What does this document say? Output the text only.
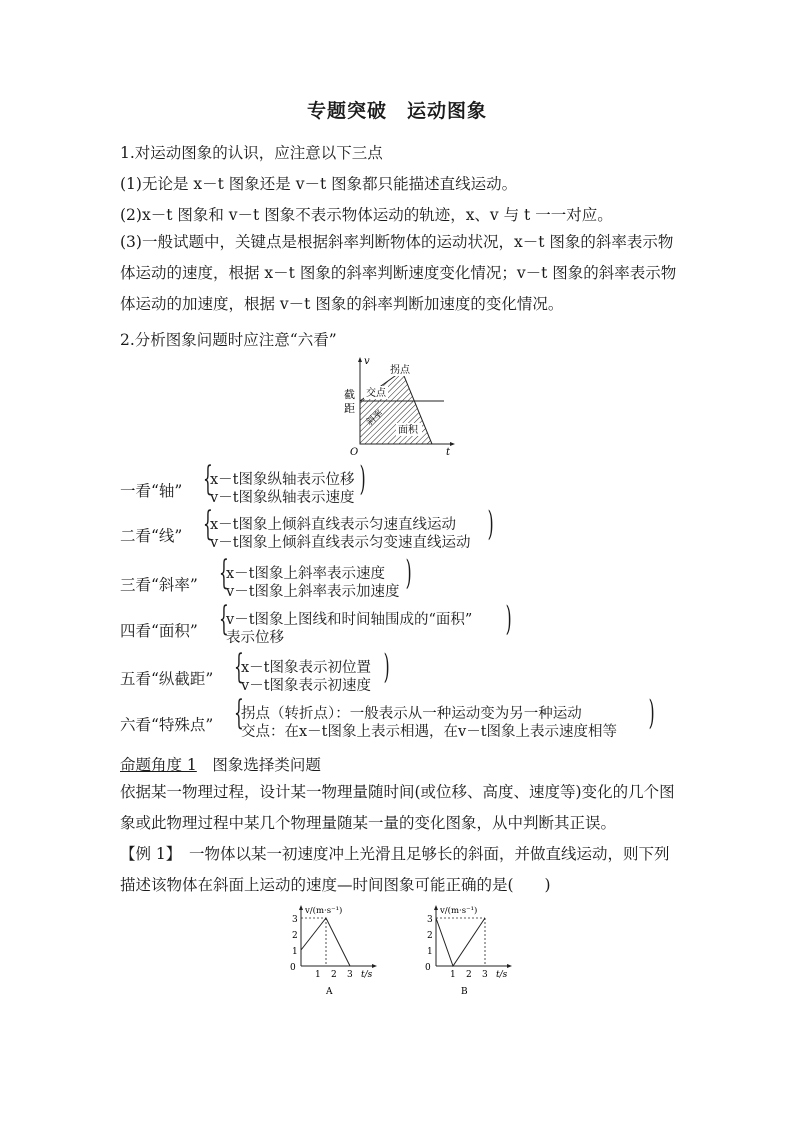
专题突破　运动图象
1.对运动图象的认识，应注意以下三点
(1)无论是 x－t 图象还是 v－t 图象都只能描述直线运动。
(2)x－t 图象和 v－t 图象不表示物体运动的轨迹，x、v 与 t 一一对应。
(3)一般试题中，关键点是根据斜率判断物体的运动状况，x－t 图象的斜率表示物体运动的速度，根据 x－t 图象的斜率判断速度变化情况；v－t 图象的斜率表示物体运动的加速度，根据 v－t 图象的斜率判断加速度的变化情况。
2.分析图象问题时应注意“六看”
v
t
O
拐点
交点
截
距
斜率
面积
一看“轴” {
x－t图象纵轴表示位移
v－t图象纵轴表示速度 )
二看“线” {
x－t图象上倾斜直线表示匀速直线运动
v－t图象上倾斜直线表示匀变速直线运动 )
三看“斜率” {
x－t图象上斜率表示速度
v－t图象上斜率表示加速度 )
四看“面积” {
v－t图象上图线和时间轴围成的“面积”
表示位移	)
五看“纵截距” {
x－t图象表示初位置
v－t图象表示初速度 )
六看“特殊点” {
拐点（转折点）：一般表示从一种运动变为另一种运动
交点：在x－t图象上表示相遇，在v－t图象上表示速度相等 )
命题角度 1　 图象选择类问题
依据某一物理过程，设计某一物理量随时间(或位移、高度、速度等)变化的几个图象或此物理过程中某几个物理量随某一量的变化图象，从中判断其正误。
【例 1】　一物体以某一初速度冲上光滑且足够长的斜面，并做直线运动，则下列描述该物体在斜面上运动的速度—时间图象可能正确的是(　　)
3
2
1
0
1 2 3
v/(m·s⁻¹)
t/s
A
3
2
1
0
1 2 3
v/(m·s⁻¹)
t/s
B
